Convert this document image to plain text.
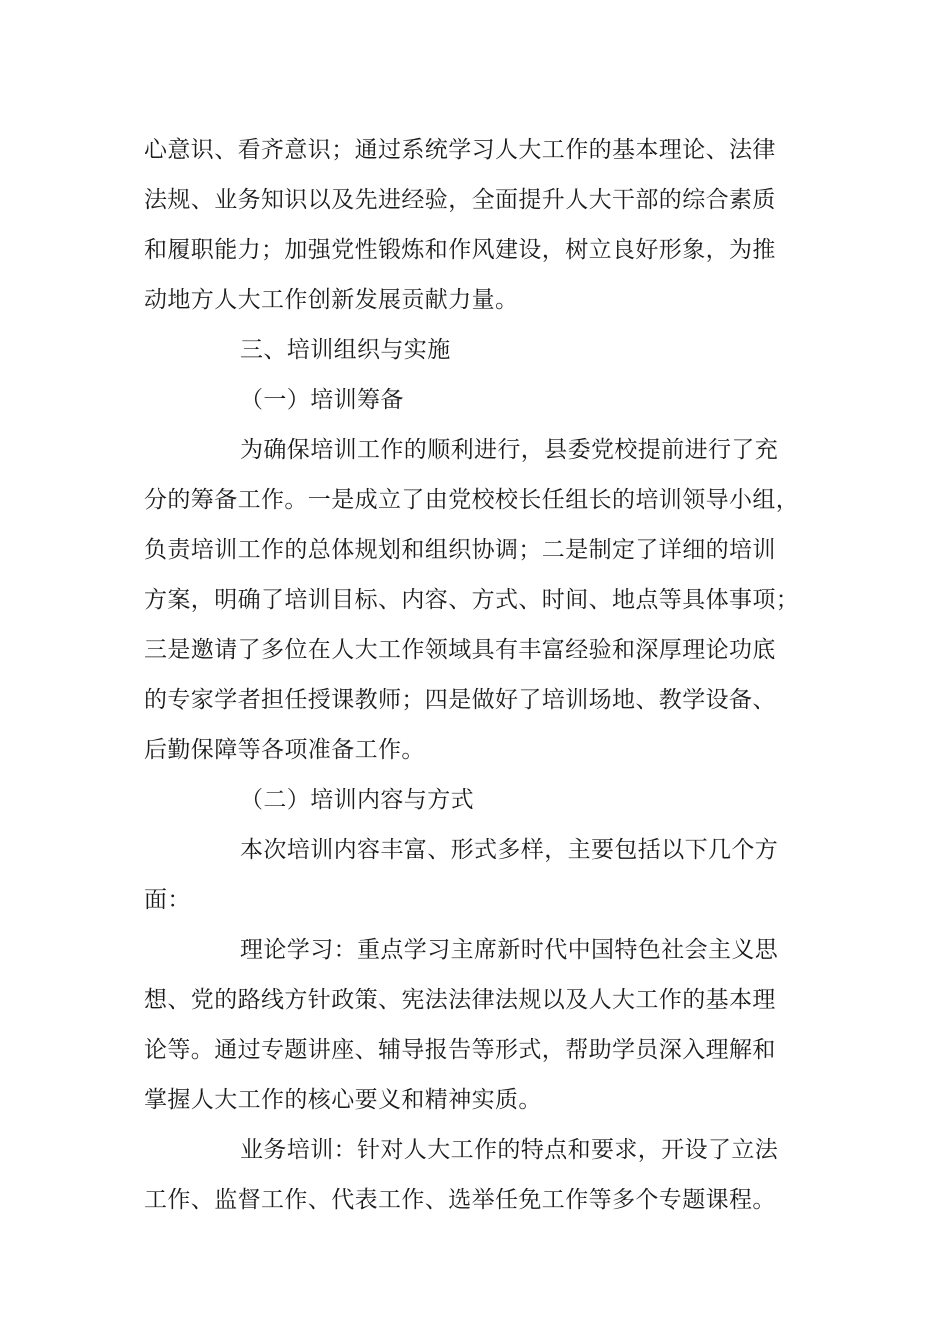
心意识、看齐意识；通过系统学习人大工作的基本理论、法律
法规、业务知识以及先进经验，全面提升人大干部的综合素质
和履职能力；加强党性锻炼和作风建设，树立良好形象，为推
动地方人大工作创新发展贡献力量。
三、培训组织与实施
（一）培训筹备
为确保培训工作的顺利进行，县委党校提前进行了充
分的筹备工作。一是成立了由党校校长任组长的培训领导小组，
负责培训工作的总体规划和组织协调；二是制定了详细的培训
方案，明确了培训目标、内容、方式、时间、地点等具体事项；
三是邀请了多位在人大工作领域具有丰富经验和深厚理论功底
的专家学者担任授课教师；四是做好了培训场地、教学设备、
后勤保障等各项准备工作。
（二）培训内容与方式
本次培训内容丰富、形式多样，主要包括以下几个方
面：
理论学习：重点学习主席新时代中国特色社会主义思
想、党的路线方针政策、宪法法律法规以及人大工作的基本理
论等。通过专题讲座、辅导报告等形式，帮助学员深入理解和
掌握人大工作的核心要义和精神实质。
业务培训：针对人大工作的特点和要求，开设了立法
工作、监督工作、代表工作、选举任免工作等多个专题课程。
